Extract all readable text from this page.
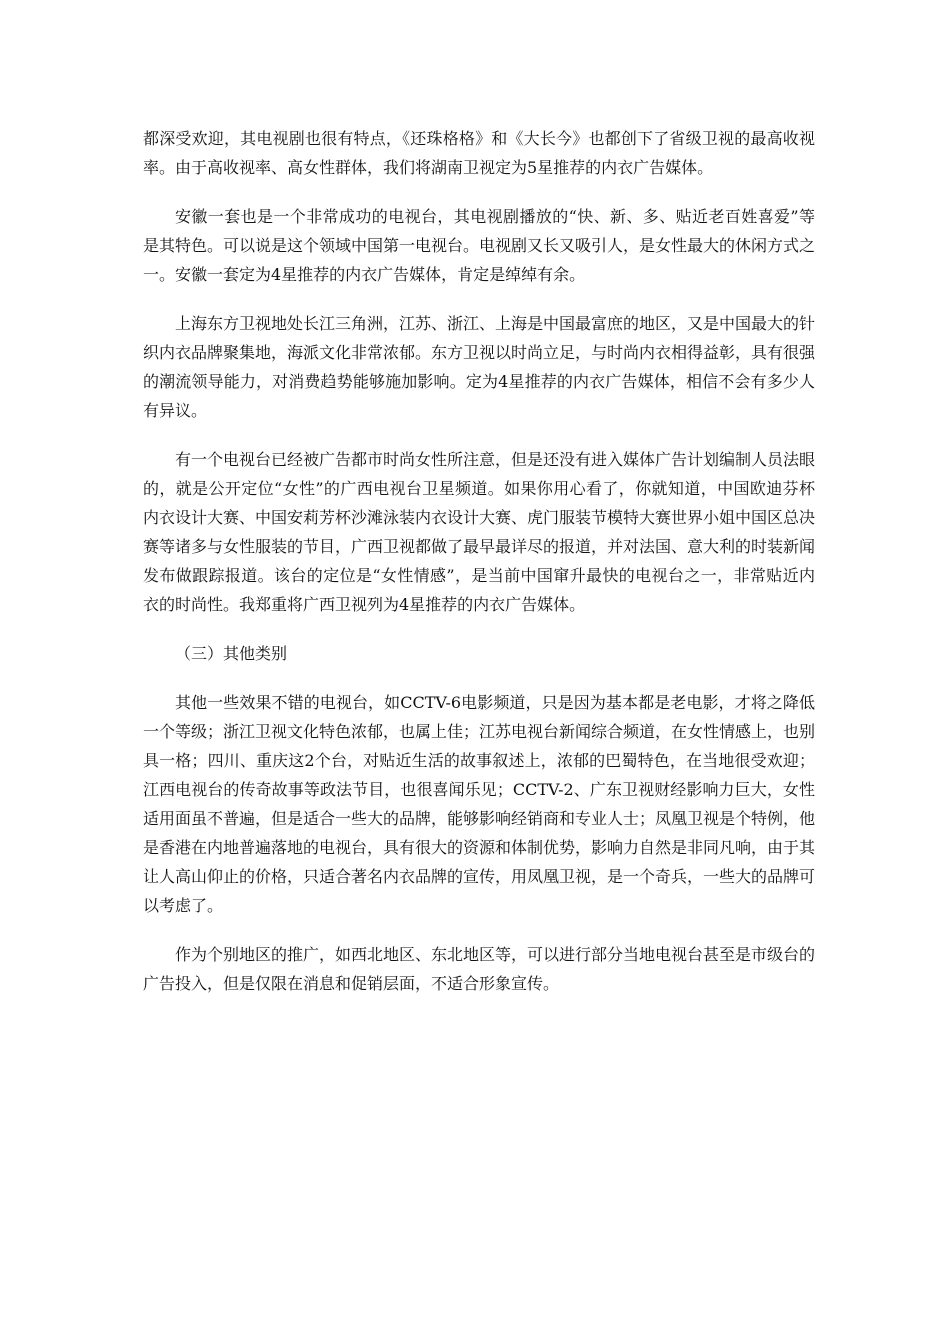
都深受欢迎，其电视剧也很有特点，《还珠格格》和《大长今》也都创下了省级卫视的最高收视率。由于高收视率、高女性群体，我们将湖南卫视定为5星推荐的内衣广告媒体。

安徽一套也是一个非常成功的电视台，其电视剧播放的“快、新、多、贴近老百姓喜爱”等是其特色。可以说是这个领域中国第一电视台。电视剧又长又吸引人，是女性最大的休闲方式之一。安徽一套定为4星推荐的内衣广告媒体，肯定是绰绰有余。

上海东方卫视地处长江三角洲，江苏、浙江、上海是中国最富庶的地区，又是中国最大的针织内衣品牌聚集地，海派文化非常浓郁。东方卫视以时尚立足，与时尚内衣相得益彰，具有很强的潮流领导能力，对消费趋势能够施加影响。定为4星推荐的内衣广告媒体，相信不会有多少人有异议。

有一个电视台已经被广告都市时尚女性所注意，但是还没有进入媒体广告计划编制人员法眼的，就是公开定位“女性”的广西电视台卫星频道。如果你用心看了，你就知道，中国欧迪芬杯内衣设计大赛、中国安莉芳杯沙滩泳装内衣设计大赛、虎门服装节模特大赛世界小姐中国区总决赛等诸多与女性服装的节目，广西卫视都做了最早最详尽的报道，并对法国、意大利的时装新闻发布做跟踪报道。该台的定位是“女性情感”，是当前中国窜升最快的电视台之一，非常贴近内衣的时尚性。我郑重将广西卫视列为4星推荐的内衣广告媒体。

（三）其他类别

其他一些效果不错的电视台，如CCTV-6电影频道，只是因为基本都是老电影，才将之降低一个等级；浙江卫视文化特色浓郁，也属上佳；江苏电视台新闻综合频道，在女性情感上，也别具一格；四川、重庆这2个台，对贴近生活的故事叙述上，浓郁的巴蜀特色，在当地很受欢迎；江西电视台的传奇故事等政法节目，也很喜闻乐见；CCTV-2、广东卫视财经影响力巨大，女性适用面虽不普遍，但是适合一些大的品牌，能够影响经销商和专业人士；凤凰卫视是个特例，他是香港在内地普遍落地的电视台，具有很大的资源和体制优势，影响力自然是非同凡响，由于其让人高山仰止的价格，只适合著名内衣品牌的宣传，用凤凰卫视，是一个奇兵，一些大的品牌可以考虑了。

作为个别地区的推广，如西北地区、东北地区等，可以进行部分当地电视台甚至是市级台的广告投入，但是仅限在消息和促销层面，不适合形象宣传。
